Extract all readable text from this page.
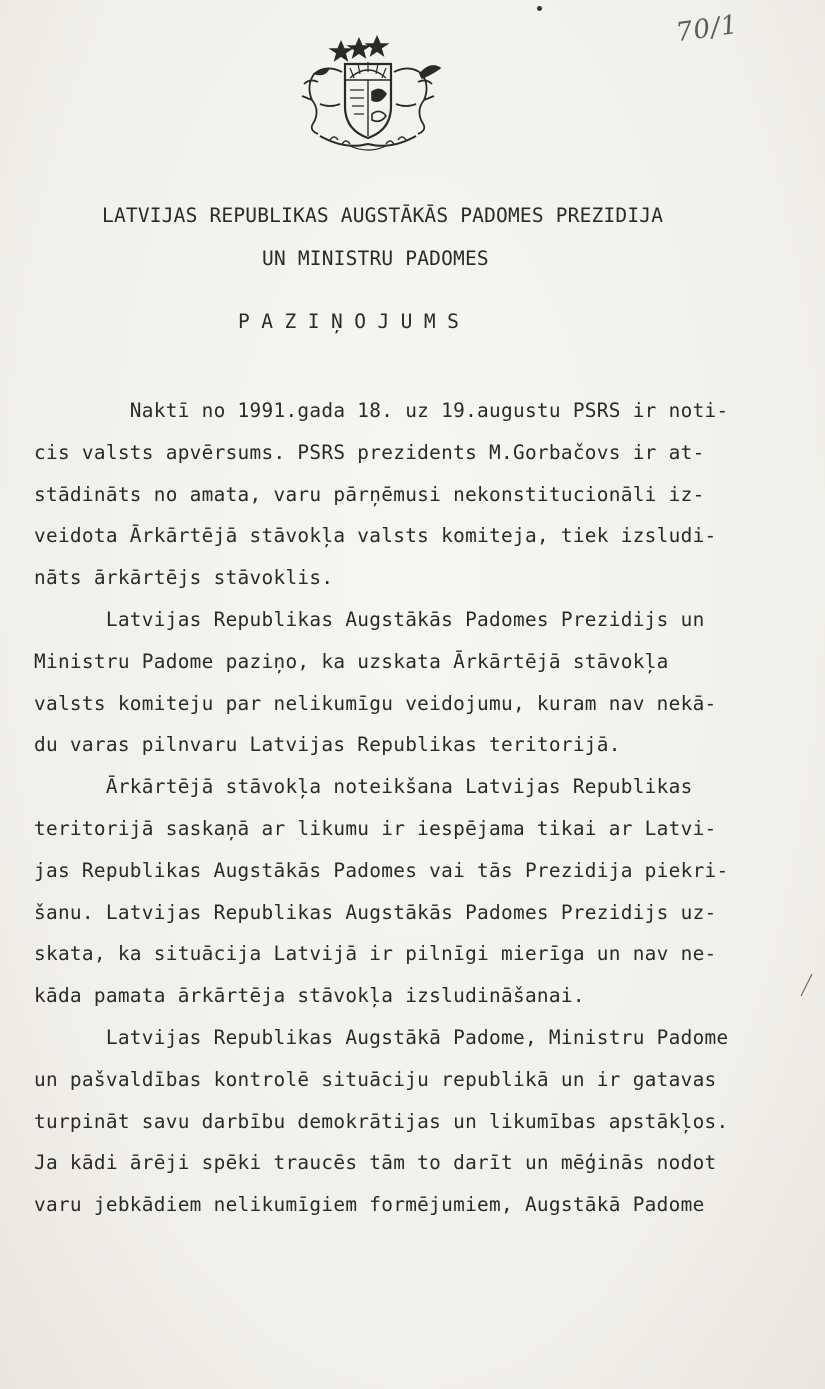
70/1
LATVIJAS REPUBLIKAS AUGSTĀKĀS PADOMES PREZIDIJA
UN MINISTRU PADOMES
PAZIŅOJUMS
Naktī no 1991.gada 18. uz 19.augustu PSRS ir noti-
cis valsts apvērsums. PSRS prezidents M.Gorbačovs ir at-
stādināts no amata, varu pārņēmusi nekonstitucionāli iz-
veidota Ārkārtējā stāvokļa valsts komiteja, tiek izsludi-
nāts ārkārtējs stāvoklis.
Latvijas Republikas Augstākās Padomes Prezidijs un
Ministru Padome paziņo, ka uzskata Ārkārtējā stāvokļa
valsts komiteju par nelikumīgu veidojumu, kuram nav nekā-
du varas pilnvaru Latvijas Republikas teritorijā.
Ārkārtējā stāvokļa noteikšana Latvijas Republikas
teritorijā saskaņā ar likumu ir iespējama tikai ar Latvi-
jas Republikas Augstākās Padomes vai tās Prezidija piekri-
šanu. Latvijas Republikas Augstākās Padomes Prezidijs uz-
skata, ka situācija Latvijā ir pilnīgi mierīga un nav ne-
kāda pamata ārkārtēja stāvokļa izsludināšanai.
Latvijas Republikas Augstākā Padome, Ministru Padome
un pašvaldības kontrolē situāciju republikā un ir gatavas
turpināt savu darbību demokrātijas un likumības apstākļos.
Ja kādi ārēji spēki traucēs tām to darīt un mēģinās nodot
varu jebkādiem nelikumīgiem formējumiem, Augstākā Padome
